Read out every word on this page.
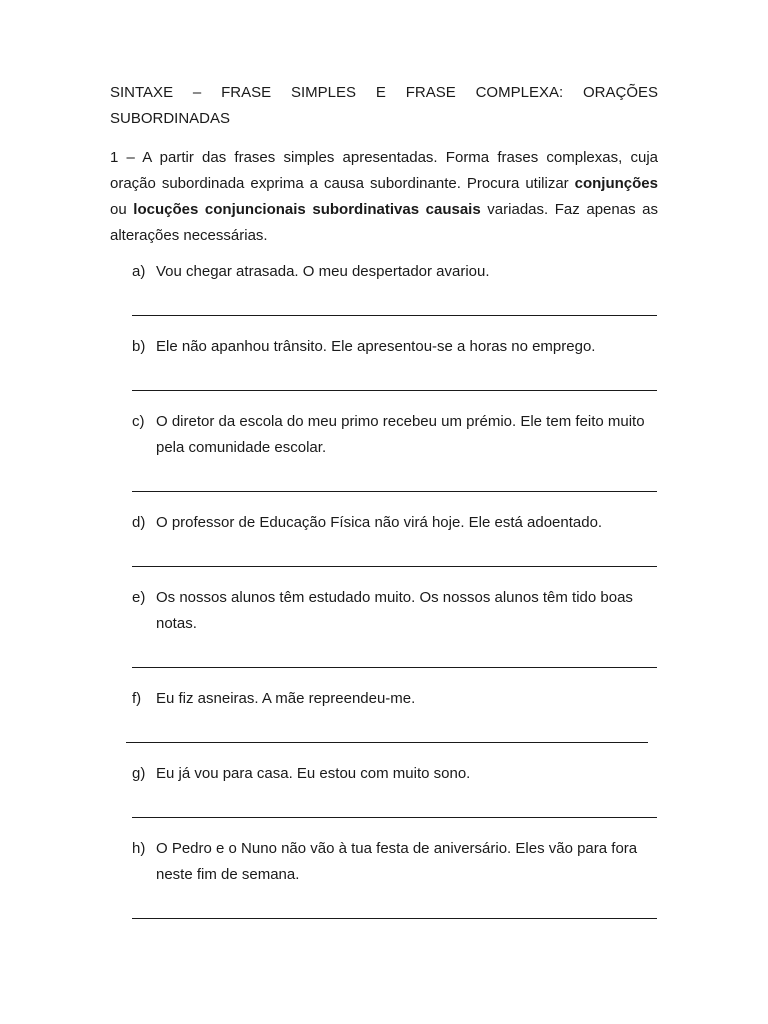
SINTAXE – FRASE SIMPLES E FRASE COMPLEXA: ORAÇÕES
SUBORDINADAS

1 – A partir das frases simples apresentadas. Forma frases complexas, cuja oração subordinada exprima a causa subordinante. Procura utilizar conjunções ou locuções conjuncionais subordinativas causais variadas. Faz apenas as alterações necessárias.

a) Vou chegar atrasada. O meu despertador avariou.
b) Ele não apanhou trânsito. Ele apresentou-se a horas no emprego.
c) O diretor da escola do meu primo recebeu um prémio. Ele tem feito muito pela comunidade escolar.
d) O professor de Educação Física não virá hoje. Ele está adoentado.
e) Os nossos alunos têm estudado muito. Os nossos alunos têm tido boas notas.
f) Eu fiz asneiras. A mãe repreendeu-me.
g) Eu já vou para casa. Eu estou com muito sono.
h) O Pedro e o Nuno não vão à tua festa de aniversário. Eles vão para fora neste fim de semana.
